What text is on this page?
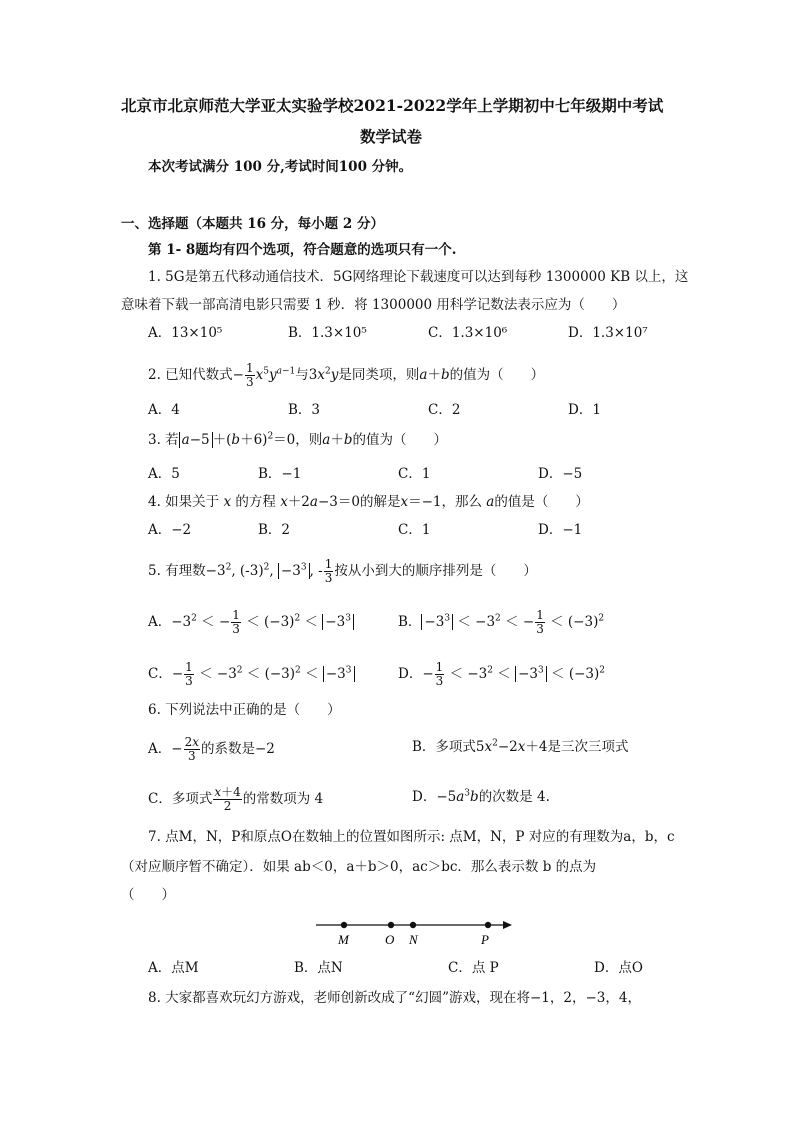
北京市北京师范大学亚太实验学校2021-2022学年上学期初中七年级期中考试
数学试卷
本次考试满分 100 分,考试时间100 分钟。
一、选择题（本题共 16 分，每小题 2 分）
第 1- 8题均有四个选项，符合题意的选项只有一个.
1. 5G是第五代移动通信技术．5G网络理论下载速度可以达到每秒 1300000 KB 以上，这
意味着下载一部高清电影只需要 1 秒．将 1300000 用科学记数法表示应为（　　）
A．13×10⁵	B．1.3×10⁵	C．1.3×10⁶	D．1.3×10⁷
2. 已知代数式− $\frac{1}{3} x^5y^{a-1}$与$3x^2y$是同类项，则a＋b的值为（　　）
A．4	B．3	C．2	D．1
3. 若 $a-5 +(b+6)^2=0$，则a＋b的值为（　　）
A．5	B．−1	C．1	D．−5
4. 如果关于 x 的方程 x＋2a−3＝0的解是x＝−1，那么 a的值是（　　）
A．−2	B．2	C．1	D．−1
5. 有理数$-3^2$, $(-3)^2$, $-3^3$ , - $\frac{1}{3}$ 按从小到大的顺序排列是（　　）
A．$-3^2$ ＜ − $\frac{1}{3} < (-3)^2 < -3^3$	B． $-3^3 < -3^2$ ＜ − $\frac{1}{3} < (-3)^2$
C．− $\frac{1}{3} < -3^2 < (-3)^2 < -3^3$	D．− $\frac{1}{3} < -3^2 < -3^3 < (-3)^2$
6. 下列说法中正确的是（　　）
A．− $\frac{2x}{3}$ 的系数是−2	B．多项式$5x^2-2x+4$是三次三项式
C．多项式 $\frac{x+4}{2}$ 的常数项为 4	D．$-5a^3b$的次数是 4.
7. 点M，N，P和原点O在数轴上的位置如图所示: 点M，N，P 对应的有理数为a，b，c
（对应顺序暂不确定）．如果 ab＜0，a＋b＞0，ac＞bc．那么表示数 b 的点为
（　　）
M	O N	P
A．点M	B．点N	C．点 P	D．点O
8. 大家都喜欢玩幻方游戏，老师创新改成了“幻圆”游戏，现在将−1，2，−3，4，
